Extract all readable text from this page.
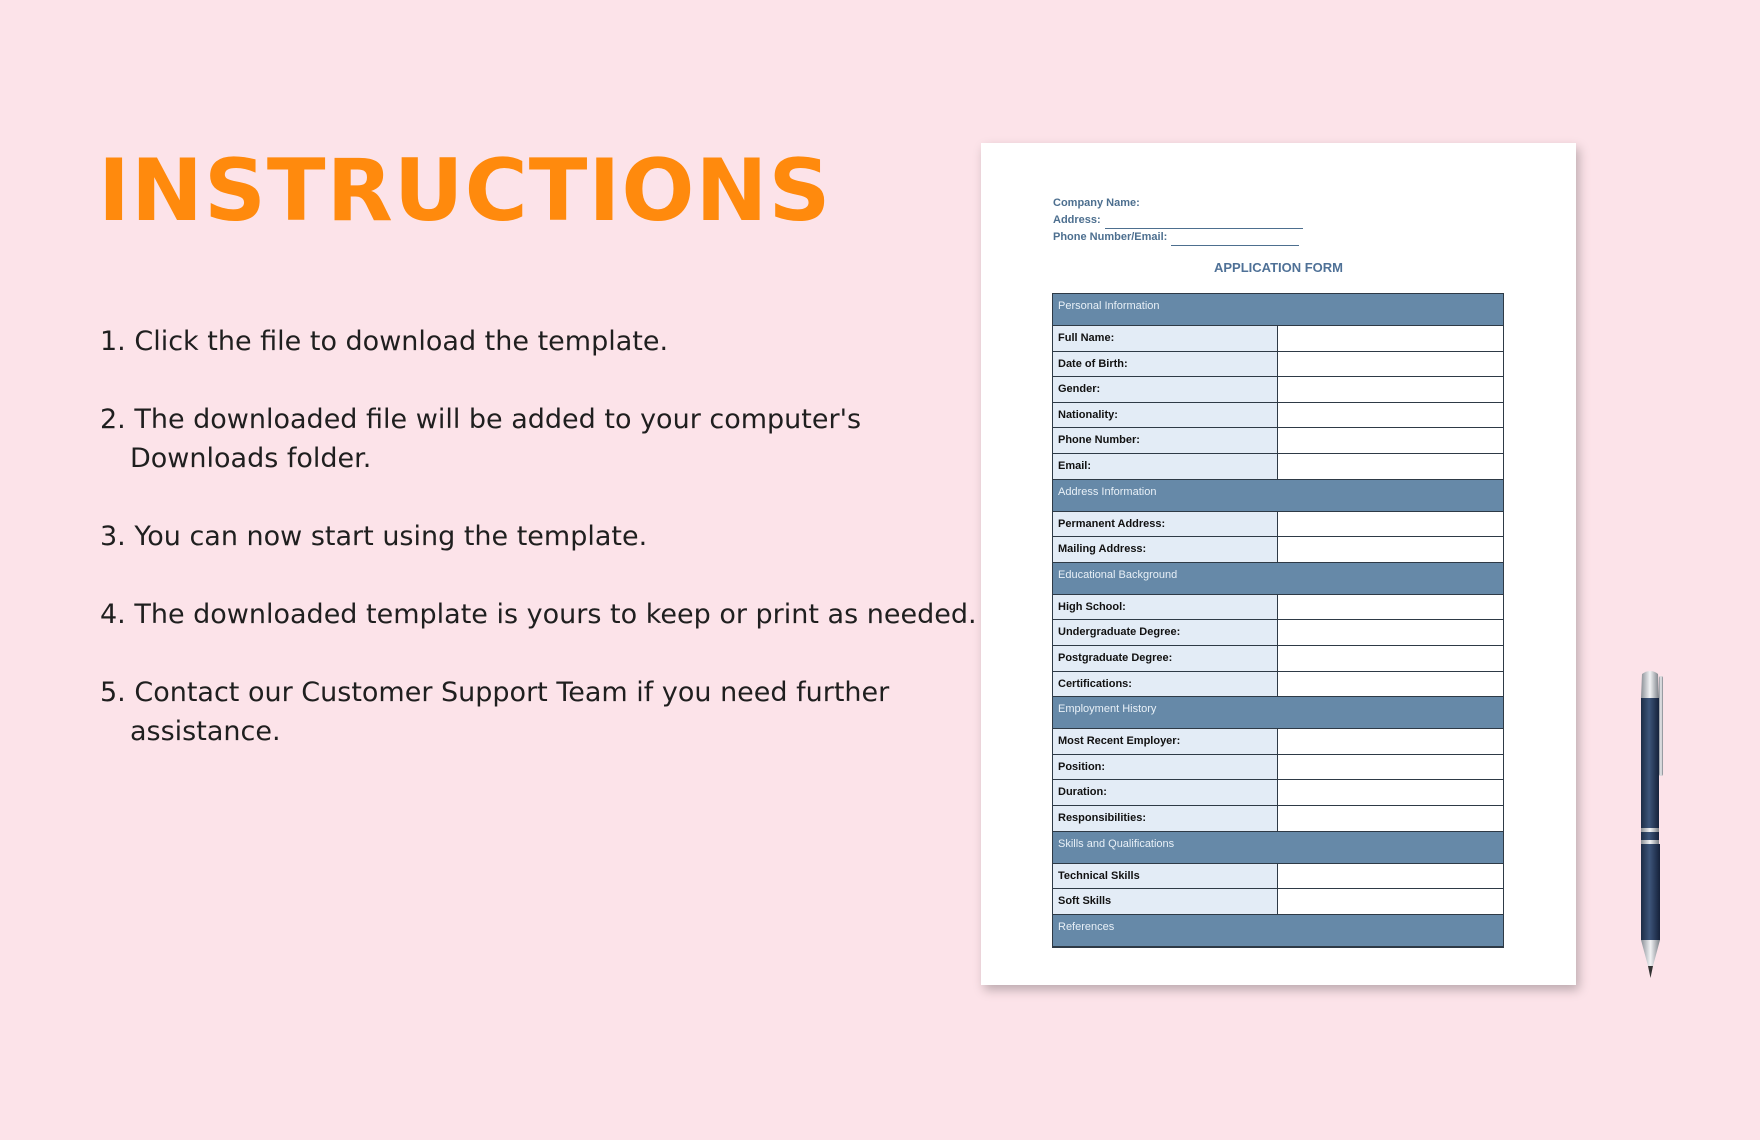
INSTRUCTIONS
1. Click the file to download the template.
2. The downloaded file will be added to your computer's Downloads folder.
3. You can now start using the template.
4. The downloaded template is yours to keep or print as needed.
5. Contact our Customer Support Team if you need further assistance.
Company Name:
Address:
Phone Number/Email:
APPLICATION FORM
Personal Information
Full Name:
Date of Birth:
Gender:
Nationality:
Phone Number:
Email:
Address Information
Permanent Address:
Mailing Address:
Educational Background
High School:
Undergraduate Degree:
Postgraduate Degree:
Certifications:
Employment History
Most Recent Employer:
Position:
Duration:
Responsibilities:
Skills and Qualifications
Technical Skills
Soft Skills
References
